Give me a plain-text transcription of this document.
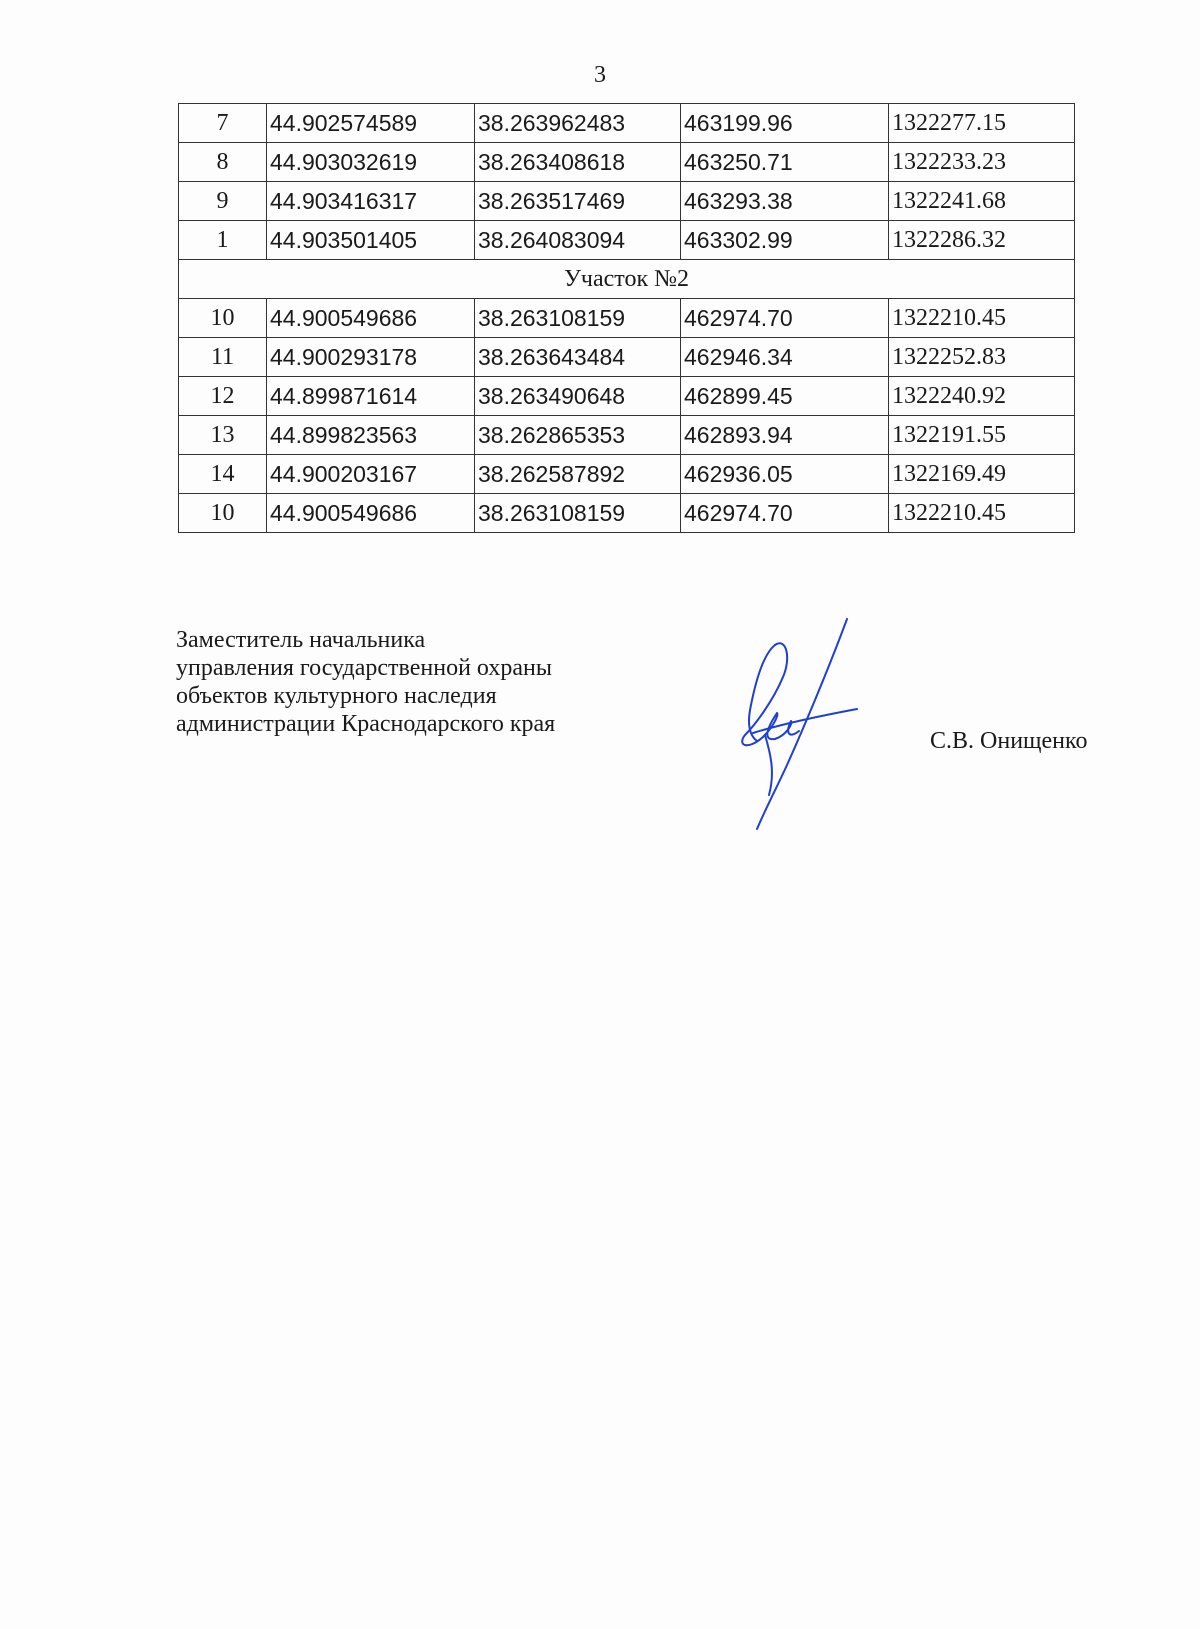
3
7	44.902574589	38.263962483	463199.96	1322277.15
8	44.903032619	38.263408618	463250.71	1322233.23
9	44.903416317	38.263517469	463293.38	1322241.68
1	44.903501405	38.264083094	463302.99	1322286.32
Участок №2				
10	44.900549686	38.263108159	462974.70	1322210.45
11	44.900293178	38.263643484	462946.34	1322252.83
12	44.899871614	38.263490648	462899.45	1322240.92
13	44.899823563	38.262865353	462893.94	1322191.55
14	44.900203167	38.262587892	462936.05	1322169.49
10	44.900549686	38.263108159	462974.70	1322210.45
Заместитель начальника
управления государственной охраны
объектов культурного наследия
администрации Краснодарского края
С.В. Онищенко
